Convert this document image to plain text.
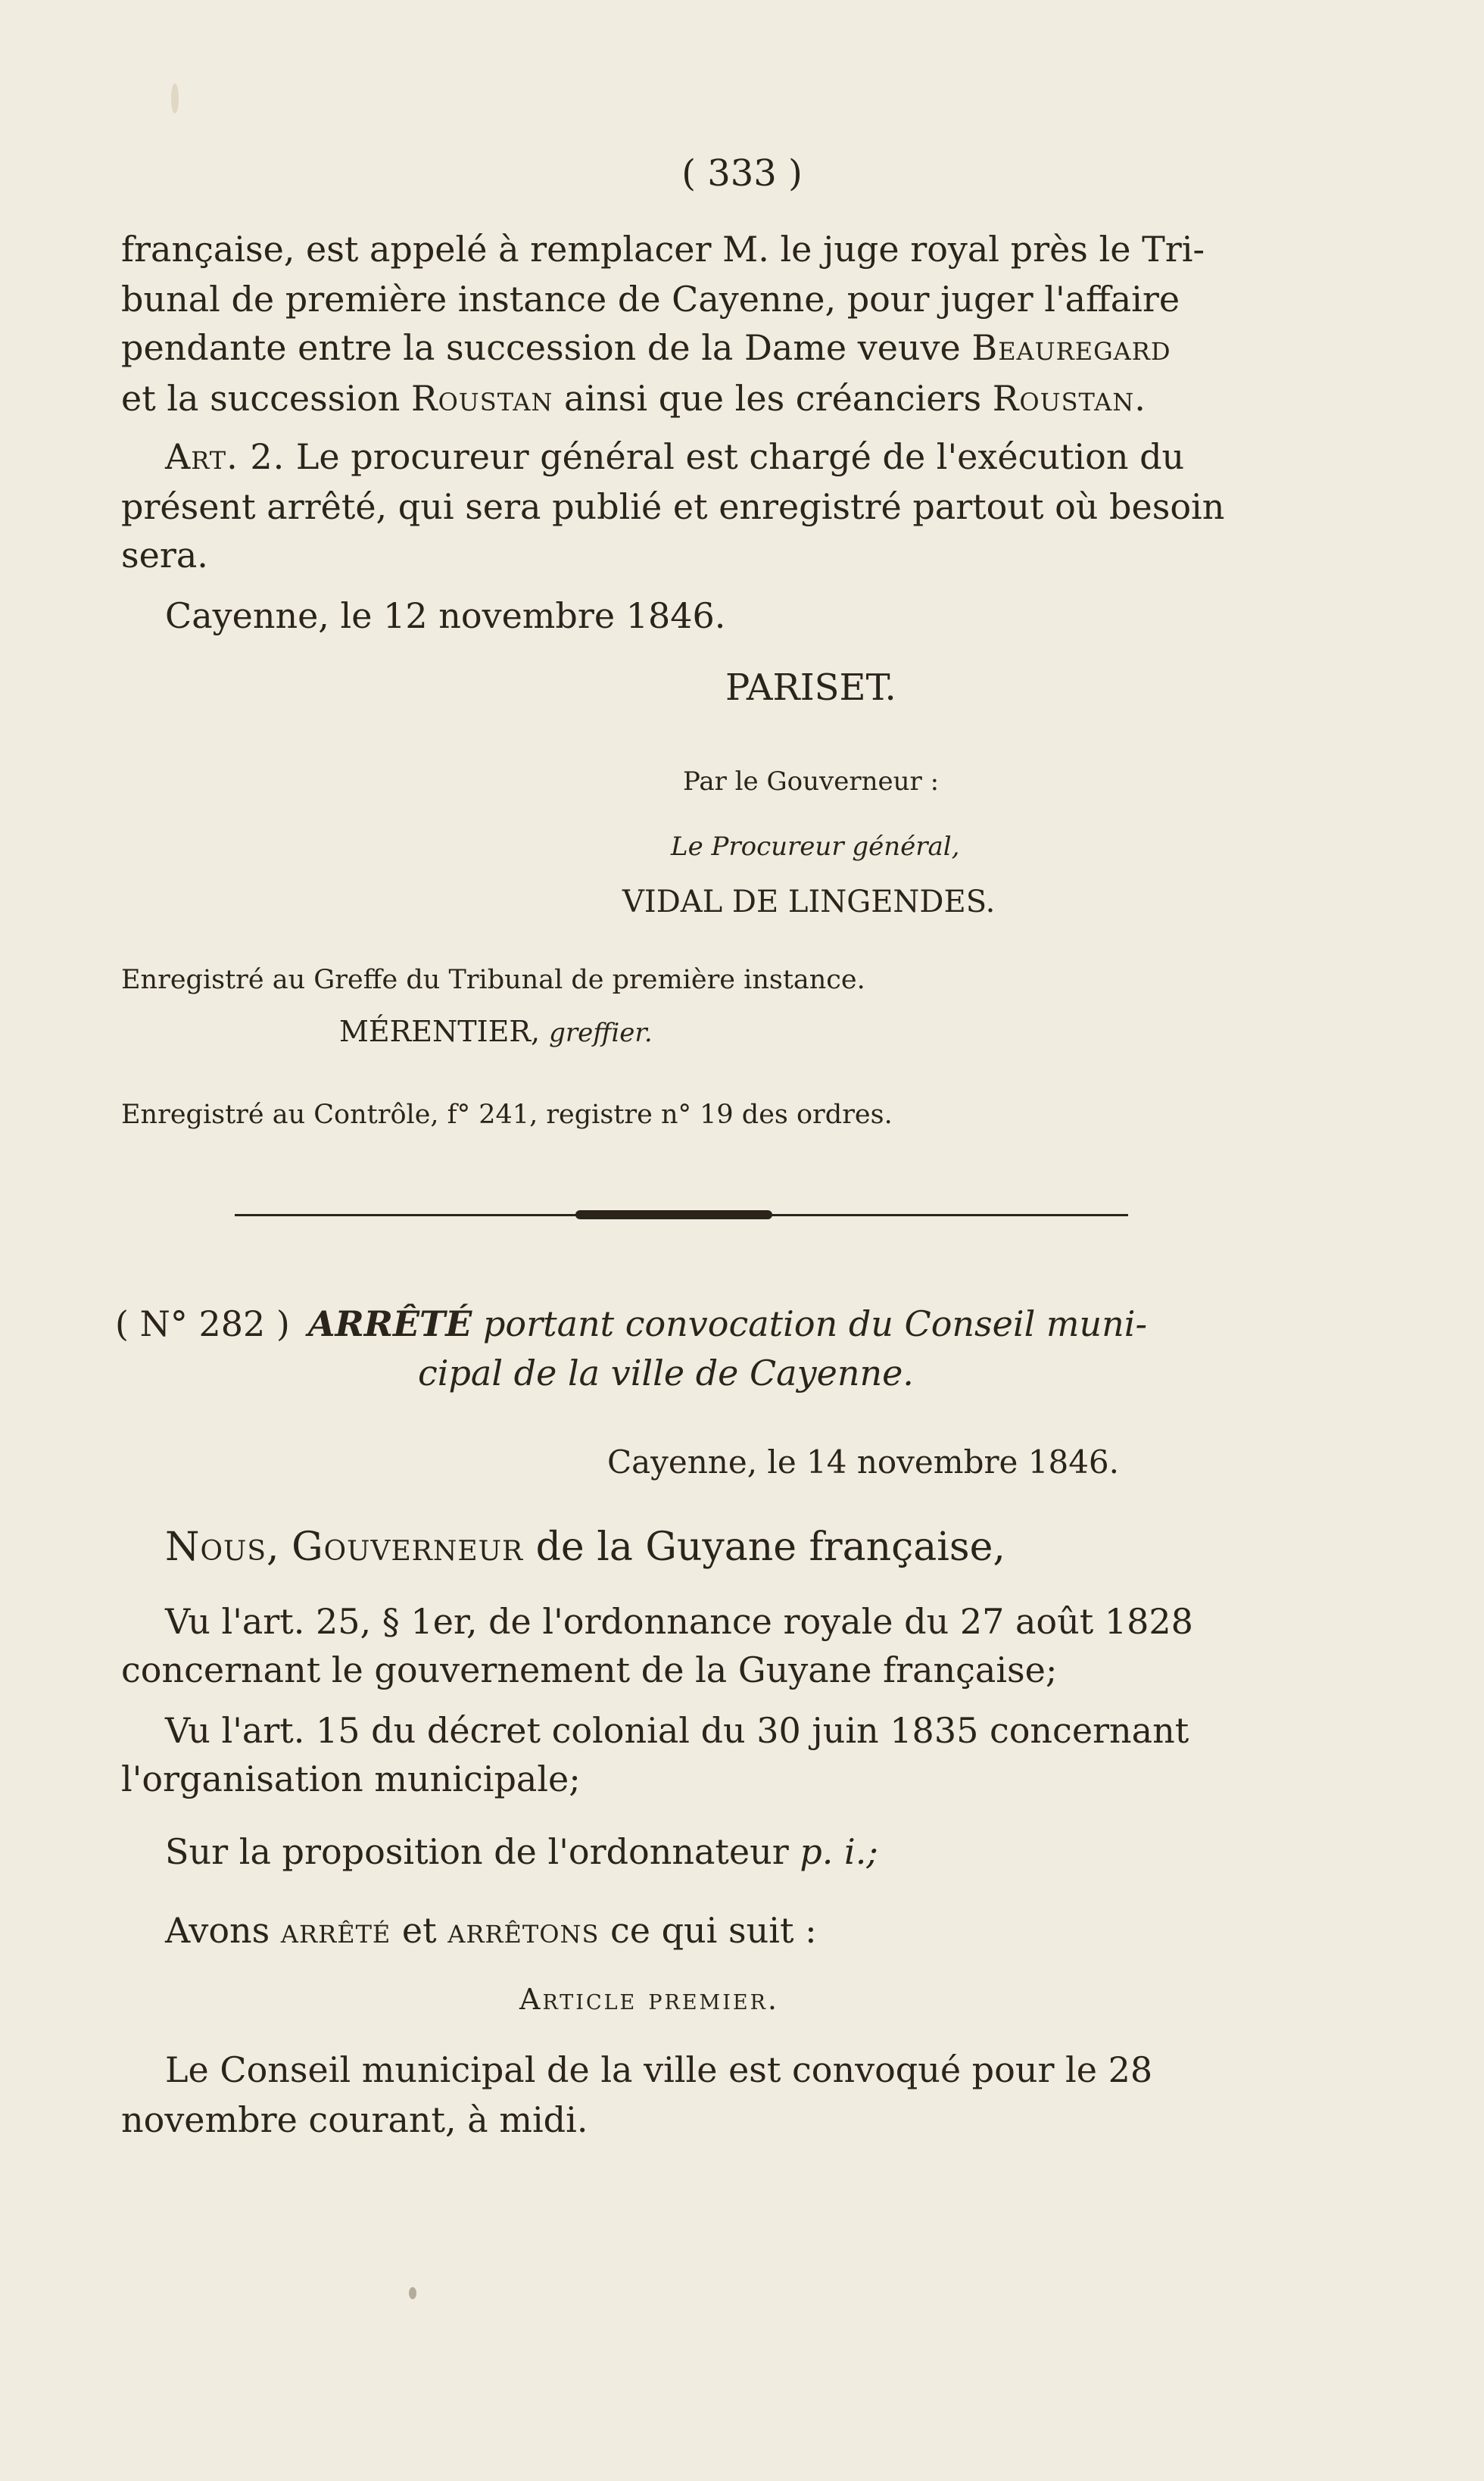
( 333 )
française, est appelé à remplacer M. le juge royal près le Tri-
bunal de première instance de Cayenne, pour juger l'affaire
pendante entre la succession de la Dame veuve Beauregard
et la succession Roustan ainsi que les créanciers Roustan.
Art. 2. Le procureur général est chargé de l'exécution du
présent arrêté, qui sera publié et enregistré partout où besoin
sera.
Cayenne, le 12 novembre 1846.
PARISET.
Par le Gouverneur :
Le Procureur général,
VIDAL DE LINGENDES.
Enregistré au Greffe du Tribunal de première instance.
MÉRENTIER, greffier.
Enregistré au Contrôle, f° 241, registre n° 19 des ordres.
( N° 282 ) ARRÊTÉ portant convocation du Conseil muni-
cipal de la ville de Cayenne.
Cayenne, le 14 novembre 1846.
Nous, Gouverneur de la Guyane française,
Vu l'art. 25, § 1er, de l'ordonnance royale du 27 août 1828
concernant le gouvernement de la Guyane française;
Vu l'art. 15 du décret colonial du 30 juin 1835 concernant
l'organisation municipale;
Sur la proposition de l'ordonnateur p. i.;
Avons arrêté et arrêtons ce qui suit :
Article premier.
Le Conseil municipal de la ville est convoqué pour le 28
novembre courant, à midi.
